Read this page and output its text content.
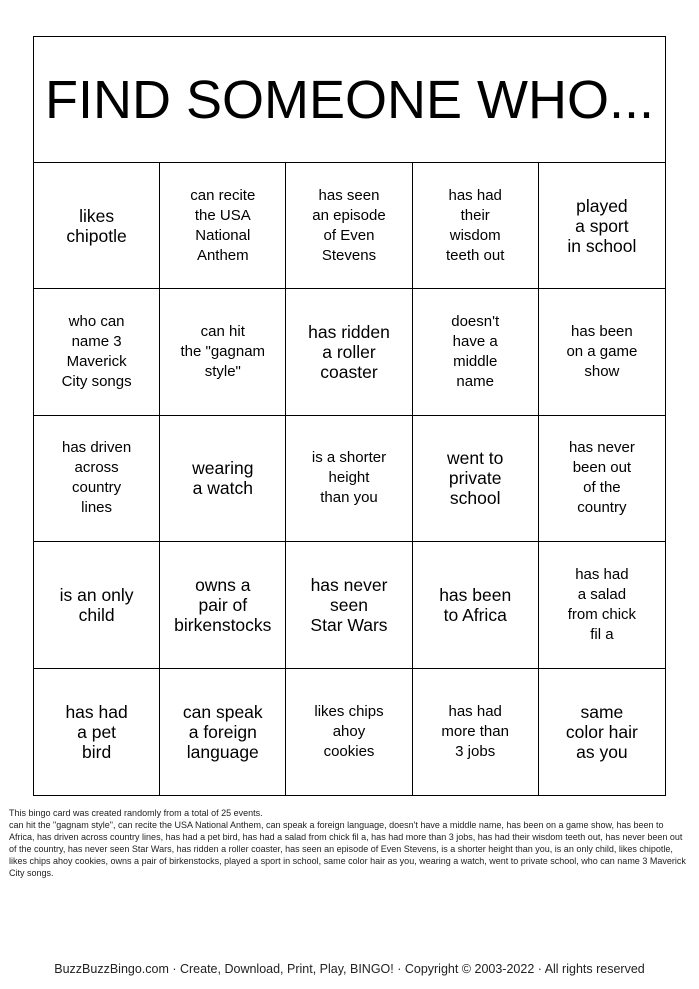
FIND SOMEONE WHO...
likes
chipotle
can recite
the USA
National
Anthem
has seen
an episode
of Even
Stevens
has had
their
wisdom
teeth out
played
a sport
in school
who can
name 3
Maverick
City songs
can hit
the "gagnam
style"
has ridden
a roller
coaster
doesn't
have a
middle
name
has been
on a game
show
has driven
across
country
lines
wearing
a watch
is a shorter
height
than you
went to
private
school
has never
been out
of the
country
is an only
child
owns a
pair of
birkenstocks
has never
seen
Star Wars
has been
to Africa
has had
a salad
from chick
fil a
has had
a pet
bird
can speak
a foreign
language
likes chips
ahoy
cookies
has had
more than
3 jobs
same
color hair
as you
This bingo card was created randomly from a total of 25 events.
can hit the "gagnam style", can recite the USA National Anthem, can speak a foreign language, doesn't have a middle name, has been on a game show, has been to Africa, has driven across country lines, has had a pet bird, has had a salad from chick fil a, has had more than 3 jobs, has had their wisdom teeth out, has never been out of the country, has never seen Star Wars, has ridden a roller coaster, has seen an episode of Even Stevens, is a shorter height than you, is an only child, likes chipotle, likes chips ahoy cookies, owns a pair of birkenstocks, played a sport in school, same color hair as you, wearing a watch, went to private school, who can name 3 Maverick City songs.
BuzzBuzzBingo.com · Create, Download, Print, Play, BINGO! · Copyright © 2003-2022 · All rights reserved
